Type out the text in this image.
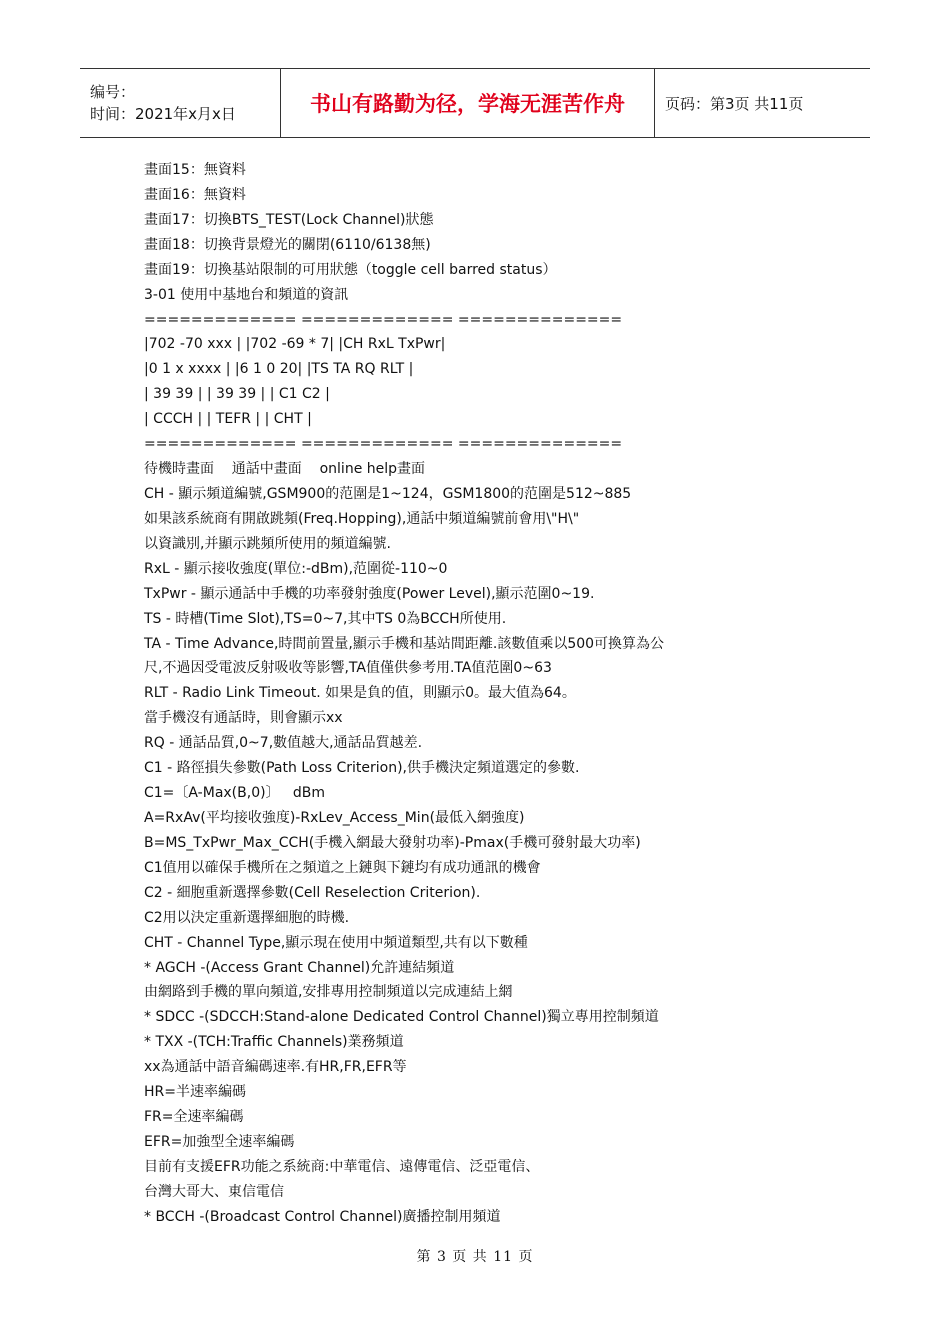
编号：
时间：2021年x月x日	书山有路勤为径，学海无涯苦作舟	页码：第3页 共11页
畫面15：無資料
畫面16：無資料
畫面17：切換BTS_TEST(Lock Channel)狀態
畫面18：切換背景燈光的關閉(6110/6138無)
畫面19：切換基站限制的可用狀態（toggle cell barred status）
3-01 使用中基地台和頻道的資訊
============= ============= ==============
|702 -70 xxx | |702 -69 * 7| |CH RxL TxPwr|
|0 1 x xxxx | |6 1 0 20| |TS TA RQ RLT |
| 39 39 | | 39 39 | | C1 C2 |
| CCCH | | TEFR | | CHT |
============= ============= ==============
待機時畫面    通話中畫面    online help畫面
CH - 顯示頻道編號,GSM900的范圍是1~124，GSM1800的范圍是512~885
如果該系統商有開啟跳頻(Freq.Hopping),通話中頻道編號前會用\"H\"
以資識別,并顯示跳頻所使用的頻道編號.
RxL - 顯示接收強度(單位:-dBm),范圍從-110~0
TxPwr - 顯示通話中手機的功率發射強度(Power Level),顯示范圍0~19.
TS - 時槽(Time Slot),TS=0~7,其中TS 0為BCCH所使用.
TA - Time Advance,時間前置量,顯示手機和基站間距離.該數值乘以500可換算為公
尺,不過因受電波反射吸收等影響,TA值僅供參考用.TA值范圍0~63
RLT - Radio Link Timeout. 如果是負的值，則顯示0。最大值為64。
當手機沒有通話時，則會顯示xx
RQ - 通話品質,0~7,數值越大,通話品質越差.
C1 - 路徑損失參數(Path Loss Criterion),供手機決定頻道選定的參數.
C1=〔A-Max(B,0)〕   dBm
A=RxAv(平均接收強度)-RxLev_Access_Min(最低入網強度)
B=MS_TxPwr_Max_CCH(手機入網最大發射功率)-Pmax(手機可發射最大功率)
C1值用以確保手機所在之頻道之上鏈與下鏈均有成功通訊的機會
C2 - 細胞重新選擇參數(Cell Reselection Criterion).
C2用以決定重新選擇細胞的時機.
CHT - Channel Type,顯示現在使用中頻道類型,共有以下數種
* AGCH -(Access Grant Channel)允許連結頻道
由網路到手機的單向頻道,安排專用控制頻道以完成連結上網
* SDCC -(SDCCH:Stand-alone Dedicated Control Channel)獨立專用控制頻道
* TXX -(TCH:Traffic Channels)業務頻道
xx為通話中語音編碼速率.有HR,FR,EFR等
HR=半速率編碼
FR=全速率編碼
EFR=加強型全速率編碼
目前有支援EFR功能之系統商:中華電信、遠傳電信、泛亞電信、
台灣大哥大、東信電信
* BCCH -(Broadcast Control Channel)廣播控制用頻道
第 3 页 共 11 页
